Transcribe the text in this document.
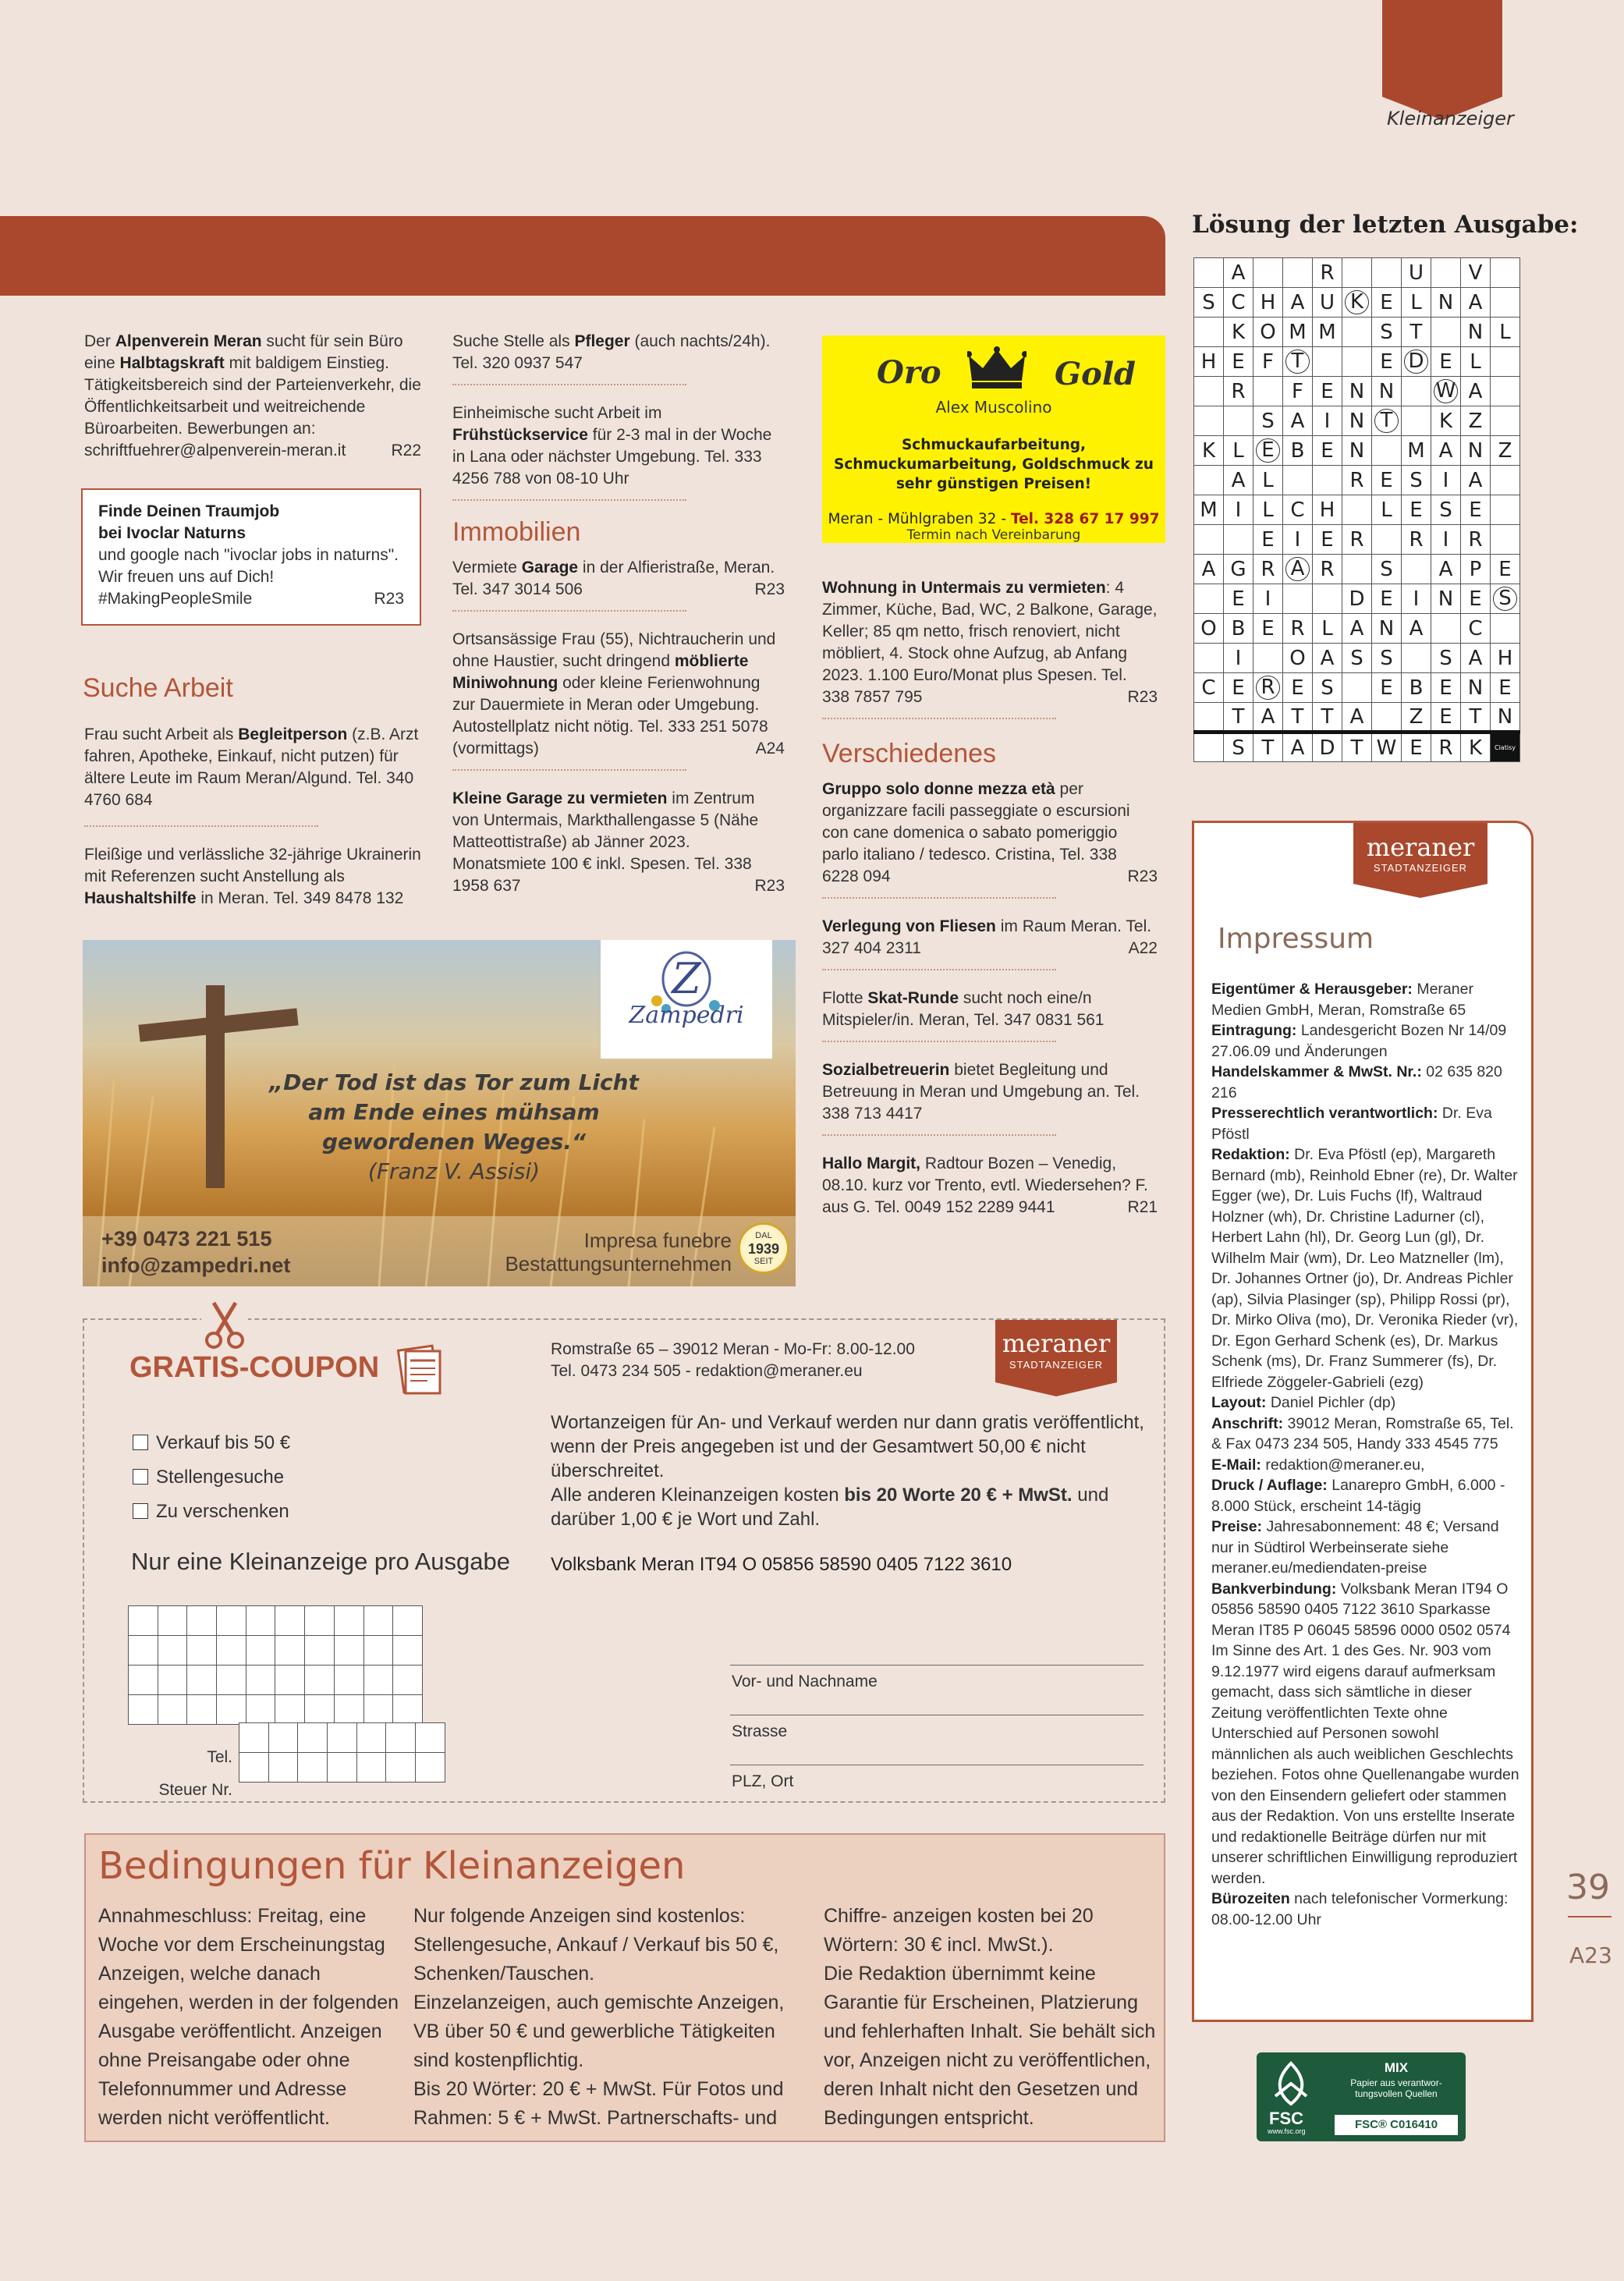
Kleinanzeiger
Der Alpenverein Meran sucht für sein Büro eine Halbtagskraft mit baldigem Einstieg. Tätigkeitsbereich sind der Parteienverkehr, die Öffentlichkeitsarbeit und weitreichende Büroarbeiten. Bewerbungen an: schriftfuehrer@alpenverein-meran.it	R22
Finde Deinen Traumjob
bei Ivoclar Naturns
und google nach "ivoclar jobs in naturns". Wir freuen uns auf Dich! #MakingPeopleSmile	R23
Suche Arbeit
Frau sucht Arbeit als Begleitperson (z.B. Arzt fahren, Apotheke, Einkauf, nicht putzen) für ältere Leute im Raum Meran/Algund. Tel. 340 4760 684
Fleißige und verlässliche 32-jährige Ukrainerin mit Referenzen sucht Anstellung als Haushaltshilfe in Meran. Tel. 349 8478 132
Suche Stelle als Pfleger (auch nachts/24h). Tel. 320 0937 547
Einheimische sucht Arbeit im Frühstückservice für 2-3 mal in der Woche in Lana oder nächster Umgebung. Tel. 333 4256 788 von 08-10 Uhr
Immobilien
Vermiete Garage in der Alfieristraße, Meran. Tel. 347 3014 506	R23
Ortsansässige Frau (55), Nichtraucherin und ohne Haustier, sucht dringend möblierte Miniwohnung oder kleine Ferienwohnung zur Dauermiete in Meran oder Umgebung. Autostellplatz nicht nötig. Tel. 333 251 5078 (vormittags)	A24
Kleine Garage zu vermieten im Zentrum von Untermais, Markthallengasse 5 (Nähe Matteottistraße) ab Jänner 2023. Monatsmiete 100 € inkl. Spesen. Tel. 338 1958 637	R23
Oro	Gold
Alex Muscolino
Schmuckaufarbeitung, Schmuckumarbeitung, Goldschmuck zu sehr günstigen Preisen!
Meran - Mühlgraben 32 - Tel. 328 67 17 997
Termin nach Vereinbarung
Wohnung in Untermais zu vermieten: 4 Zimmer, Küche, Bad, WC, 2 Balkone, Garage, Keller; 85 qm netto, frisch renoviert, nicht möbliert, 4. Stock ohne Aufzug, ab Anfang 2023. 1.100 Euro/Monat plus Spesen. Tel. 338 7857 795	R23
Verschiedenes
Gruppo solo donne mezza età per organizzare facili passeggiate o escursioni con cane domenica o sabato pomeriggio parlo italiano / tedesco. Cristina, Tel. 338 6228 094	R23
Verlegung von Fliesen im Raum Meran. Tel. 327 404 2311	A22
Flotte Skat-Runde sucht noch eine/n Mitspieler/in. Meran, Tel. 347 0831 561
Sozialbetreuerin bietet Begleitung und Betreuung in Meran und Umgebung an. Tel. 338 713 4417
Hallo Margit, Radtour Bozen – Venedig, 08.10. kurz vor Trento, evtl. Wiedersehen? F. aus G. Tel. 0049 152 2289 9441	R21
Z
Zampedri
„Der Tod ist das Tor zum Licht
am Ende eines mühsam
gewordenen Weges.“
(Franz V. Assisi)
+39 0473 221 515
info@zampedri.net
Impresa funebre
Bestattungsunternehmen
DAL
1939
SEIT
GRATIS-COUPON
Romstraße 65 – 39012 Meran - Mo-Fr: 8.00-12.00
Tel. 0473 234 505 - redaktion@meraner.eu
meraner
STADTANZEIGER
Verkauf bis 50 €
Stellengesuche
Zu verschenken
Wortanzeigen für An- und Verkauf werden nur dann gratis veröffentlicht, wenn der Preis angegeben ist und der Gesamtwert 50,00 € nicht überschreitet.
Alle anderen Kleinanzeigen kosten bis 20 Worte 20 € + MwSt. und darüber 1,00 € je Wort und Zahl.
Nur eine Kleinanzeige pro Ausgabe Volksbank Meran IT94 O 05856 58590 0405 7122 3610

Tel.
Steuer Nr.
Vor- und Nachname
Strasse
PLZ, Ort
Bedingungen für Kleinanzeigen
Annahmeschluss: Freitag, eine Woche vor dem Erscheinungstag Anzeigen, welche danach eingehen, werden in der folgenden Ausgabe veröffentlicht. Anzeigen ohne Preisangabe oder ohne Telefonnummer und Adresse werden nicht veröffentlicht.
Nur folgende Anzeigen sind kostenlos: Stellengesuche, Ankauf / Verkauf bis 50 €, Schenken/Tauschen.
Einzelanzeigen, auch gemischte Anzeigen, VB über 50 € und gewerbliche Tätigkeiten sind kostenpflichtig.
Bis 20 Wörter: 20 € + MwSt. Für Fotos und Rahmen: 5 € + MwSt. Partnerschafts- und
Chiffre- anzeigen kosten bei 20 Wörtern: 30 € incl. MwSt.).
Die Redaktion übernimmt keine Garantie für Erscheinen, Platzierung und fehlerhaften Inhalt. Sie behält sich vor, Anzeigen nicht zu veröffentlichen, deren Inhalt nicht den Gesetzen und Bedingungen entspricht.
Lösung der letzten Ausgabe:
	A			R			U		V	
S	C	H	A	U	K	E	L	N	A	
	K	O	M	M		S	T		N	L
H	E	F	T			E	D	E	L	
	R		F	E	N	N		W	A	
		S	A	I	N	T		K	Z	
K	L	E	B	E	N		M	A	N	Z
	A	L			R	E	S	I	A	
M	I	L	C	H		L	E	S	E	
		E	I	E	R		R	I	R	
A	G	R	A	R		S		A	P	E
	E	I			D	E	I	N	E	S
O	B	E	R	L	A	N	A		C	
	I		O	A	S	S		S	A	H
C	E	R	E	S		E	B	E	N	E
	T	A	T	T	A		Z	E	T	N
	S	T	A	D	T	W	E	R	K	Ciatisy
meraner
STADTANZEIGER
Impressum
Eigentümer & Herausgeber: Meraner Medien GmbH, Meran, Romstraße 65
Eintragung: Landesgericht Bozen Nr 14/09 27.06.09 und Änderungen
Handelskammer & MwSt. Nr.: 02 635 820 216
Presserechtlich verantwortlich: Dr. Eva Pföstl
Redaktion: Dr. Eva Pföstl (ep), Margareth Bernard (mb), Reinhold Ebner (re), Dr. Walter Egger (we), Dr. Luis Fuchs (lf), Waltraud Holzner (wh), Dr. Christine Ladurner (cl), Herbert Lahn (hl), Dr. Georg Lun (gl), Dr. Wilhelm Mair (wm), Dr. Leo Matzneller (lm), Dr. Johannes Ortner (jo), Dr. Andreas Pichler (ap), Silvia Plasinger (sp), Philipp Rossi (pr), Dr. Mirko Oliva (mo), Dr. Veronika Rieder (vr), Dr. Egon Gerhard Schenk (es), Dr. Markus Schenk (ms), Dr. Franz Summerer (fs), Dr. Elfriede Zöggeler-Gabrieli (ezg)
Layout: Daniel Pichler (dp)
Anschrift: 39012 Meran, Romstraße 65, Tel. & Fax 0473 234 505, Handy 333 4545 775
E-Mail: redaktion@meraner.eu,
Druck / Auflage: Lanarepro GmbH, 6.000 - 8.000 Stück, erscheint 14-tägig
Preise: Jahresabonnement: 48 €; Versand nur in Südtirol Werbeinserate siehe meraner.eu/mediendaten-preise
Bankverbindung: Volksbank Meran IT94 O 05856 58590 0405 7122 3610 Sparkasse Meran IT85 P 06045 58596 0000 0502 0574 Im Sinne des Art. 1 des Ges. Nr. 903 vom 9.12.1977 wird eigens darauf aufmerksam gemacht, dass sich sämtliche in dieser Zeitung veröffentlichten Texte ohne Unterschied auf Personen sowohl männlichen als auch weiblichen Geschlechts beziehen. Fotos ohne Quellenangabe wurden von den Einsendern geliefert oder stammen aus der Redaktion. Von uns erstellte Inserate und redaktionelle Beiträge dürfen nur mit unserer schriftlichen Einwilligung reproduziert werden.
Bürozeiten nach telefonischer Vormerkung: 08.00-12.00 Uhr
FSC
www.fsc.org
MIX
Papier aus verantwor-
tungsvollen Quellen
FSC® C016410
39
A23
